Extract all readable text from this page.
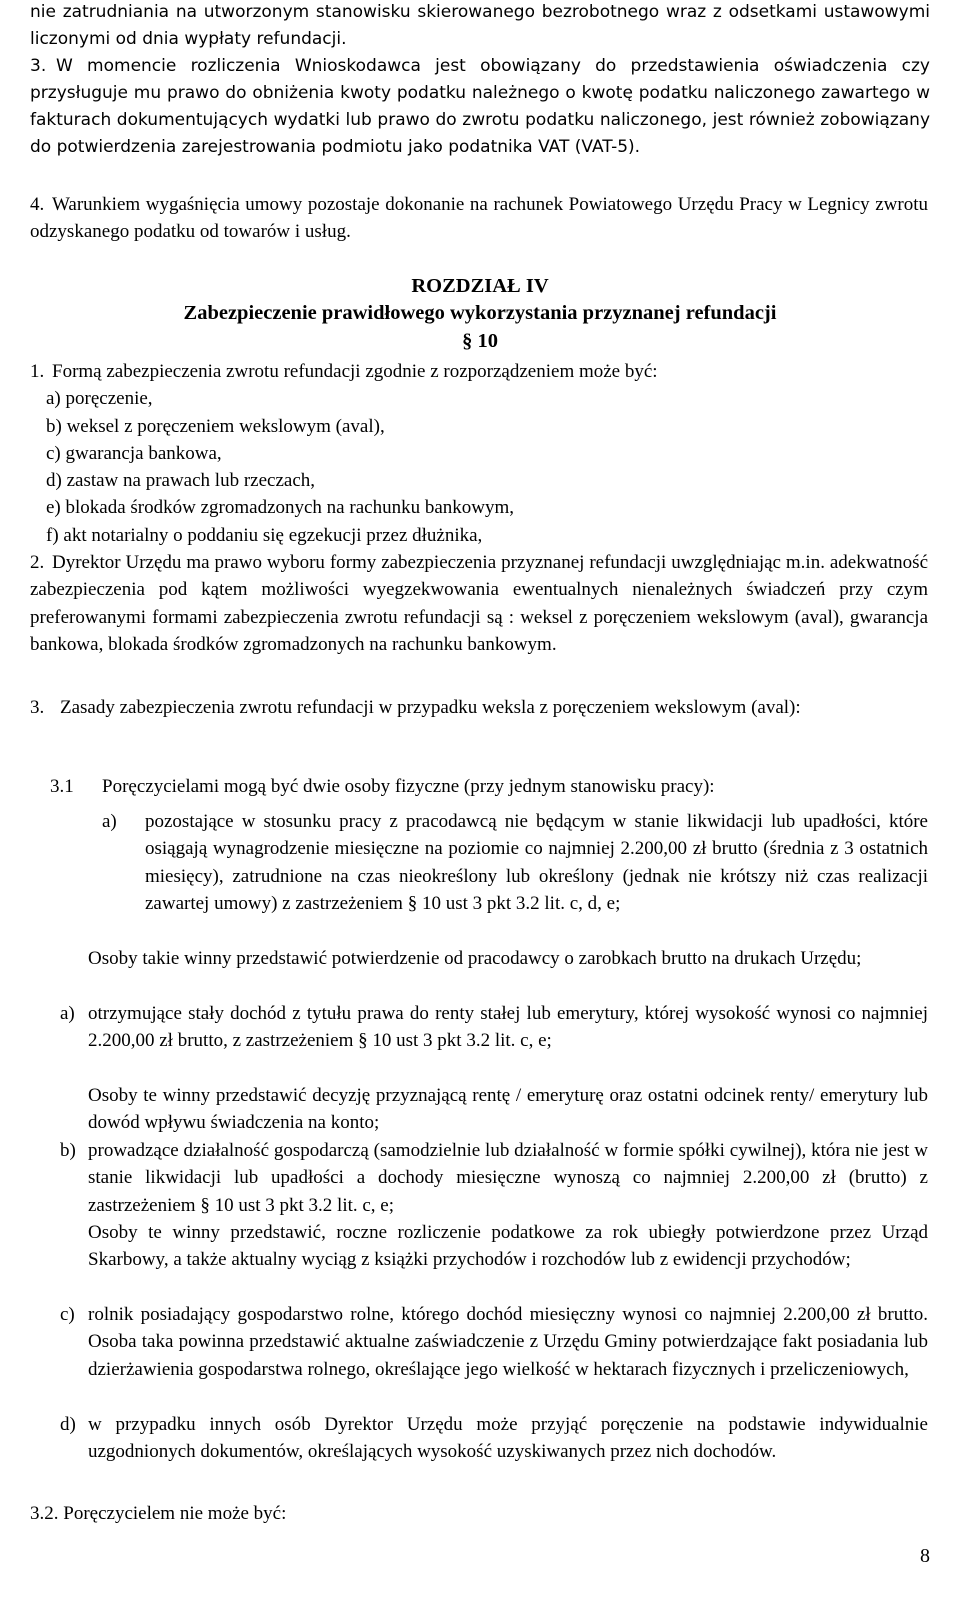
nie zatrudniania na utworzonym stanowisku skierowanego bezrobotnego wraz z odsetkami ustawowymi liczonymi od dnia wypłaty refundacji.
3. W momencie rozliczenia Wnioskodawca jest obowiązany do przedstawienia oświadczenia czy przysługuje mu prawo do obniżenia kwoty podatku należnego o kwotę podatku naliczonego zawartego w fakturach dokumentujących wydatki lub prawo do zwrotu podatku naliczonego, jest również zobowiązany do potwierdzenia zarejestrowania podmiotu jako podatnika VAT (VAT-5).
4. Warunkiem wygaśnięcia umowy pozostaje dokonanie na rachunek Powiatowego Urzędu Pracy w Legnicy zwrotu odzyskanego podatku od towarów i usług.
ROZDZIAŁ IV
Zabezpieczenie prawidłowego wykorzystania przyznanej refundacji
§ 10
1. Formą zabezpieczenia zwrotu refundacji zgodnie z rozporządzeniem może być:
a) poręczenie,
b) weksel z poręczeniem wekslowym (aval),
c) gwarancja bankowa,
d) zastaw na prawach lub rzeczach,
e) blokada środków zgromadzonych na rachunku bankowym,
f) akt notarialny o poddaniu się egzekucji przez dłużnika,
2. Dyrektor Urzędu ma prawo wyboru formy zabezpieczenia przyznanej refundacji uwzględniając m.in. adekwatność zabezpieczenia pod kątem możliwości wyegzekwowania ewentualnych nienależnych świadczeń przy czym preferowanymi formami zabezpieczenia zwrotu refundacji są : weksel z poręczeniem wekslowym (aval), gwarancja bankowa, blokada środków zgromadzonych na rachunku bankowym.
3. Zasady zabezpieczenia zwrotu refundacji w przypadku weksla z poręczeniem wekslowym (aval):
3.1	Poręczycielami mogą być dwie osoby fizyczne (przy jednym stanowisku pracy):
a)	pozostające w stosunku pracy z pracodawcą nie będącym w stanie likwidacji lub upadłości, które osiągają wynagrodzenie miesięczne na poziomie co najmniej 2.200,00 zł brutto (średnia z 3 ostatnich miesięcy), zatrudnione na czas nieokreślony lub określony (jednak nie krótszy niż czas realizacji zawartej umowy) z zastrzeżeniem § 10 ust 3 pkt 3.2 lit. c, d, e;
Osoby takie winny przedstawić potwierdzenie od pracodawcy o zarobkach brutto na drukach Urzędu;
a) otrzymujące stały dochód z tytułu prawa do renty stałej lub emerytury, której wysokość wynosi co najmniej 2.200,00 zł brutto, z zastrzeżeniem § 10 ust 3 pkt 3.2 lit. c, e;
Osoby te winny przedstawić decyzję przyznającą rentę / emeryturę oraz ostatni odcinek renty/ emerytury lub dowód wpływu świadczenia na konto;
b) prowadzące działalność gospodarczą (samodzielnie lub działalność w formie spółki cywilnej), która nie jest w stanie likwidacji lub upadłości a dochody miesięczne wynoszą co najmniej 2.200,00 zł (brutto) z zastrzeżeniem § 10 ust 3 pkt 3.2 lit. c, e;
Osoby te winny przedstawić, roczne rozliczenie podatkowe za rok ubiegły potwierdzone przez Urząd Skarbowy, a także aktualny wyciąg z książki przychodów i rozchodów lub z ewidencji przychodów;
c) rolnik posiadający gospodarstwo rolne, którego dochód miesięczny wynosi co najmniej 2.200,00 zł brutto. Osoba taka powinna przedstawić aktualne zaświadczenie z Urzędu Gminy potwierdzające fakt posiadania lub dzierżawienia gospodarstwa rolnego, określające jego wielkość w hektarach fizycznych i przeliczeniowych,
d) w przypadku innych osób Dyrektor Urzędu może przyjąć poręczenie na podstawie indywidualnie uzgodnionych dokumentów, określających wysokość uzyskiwanych przez nich dochodów.
3.2. Poręczycielem nie może być:
8
